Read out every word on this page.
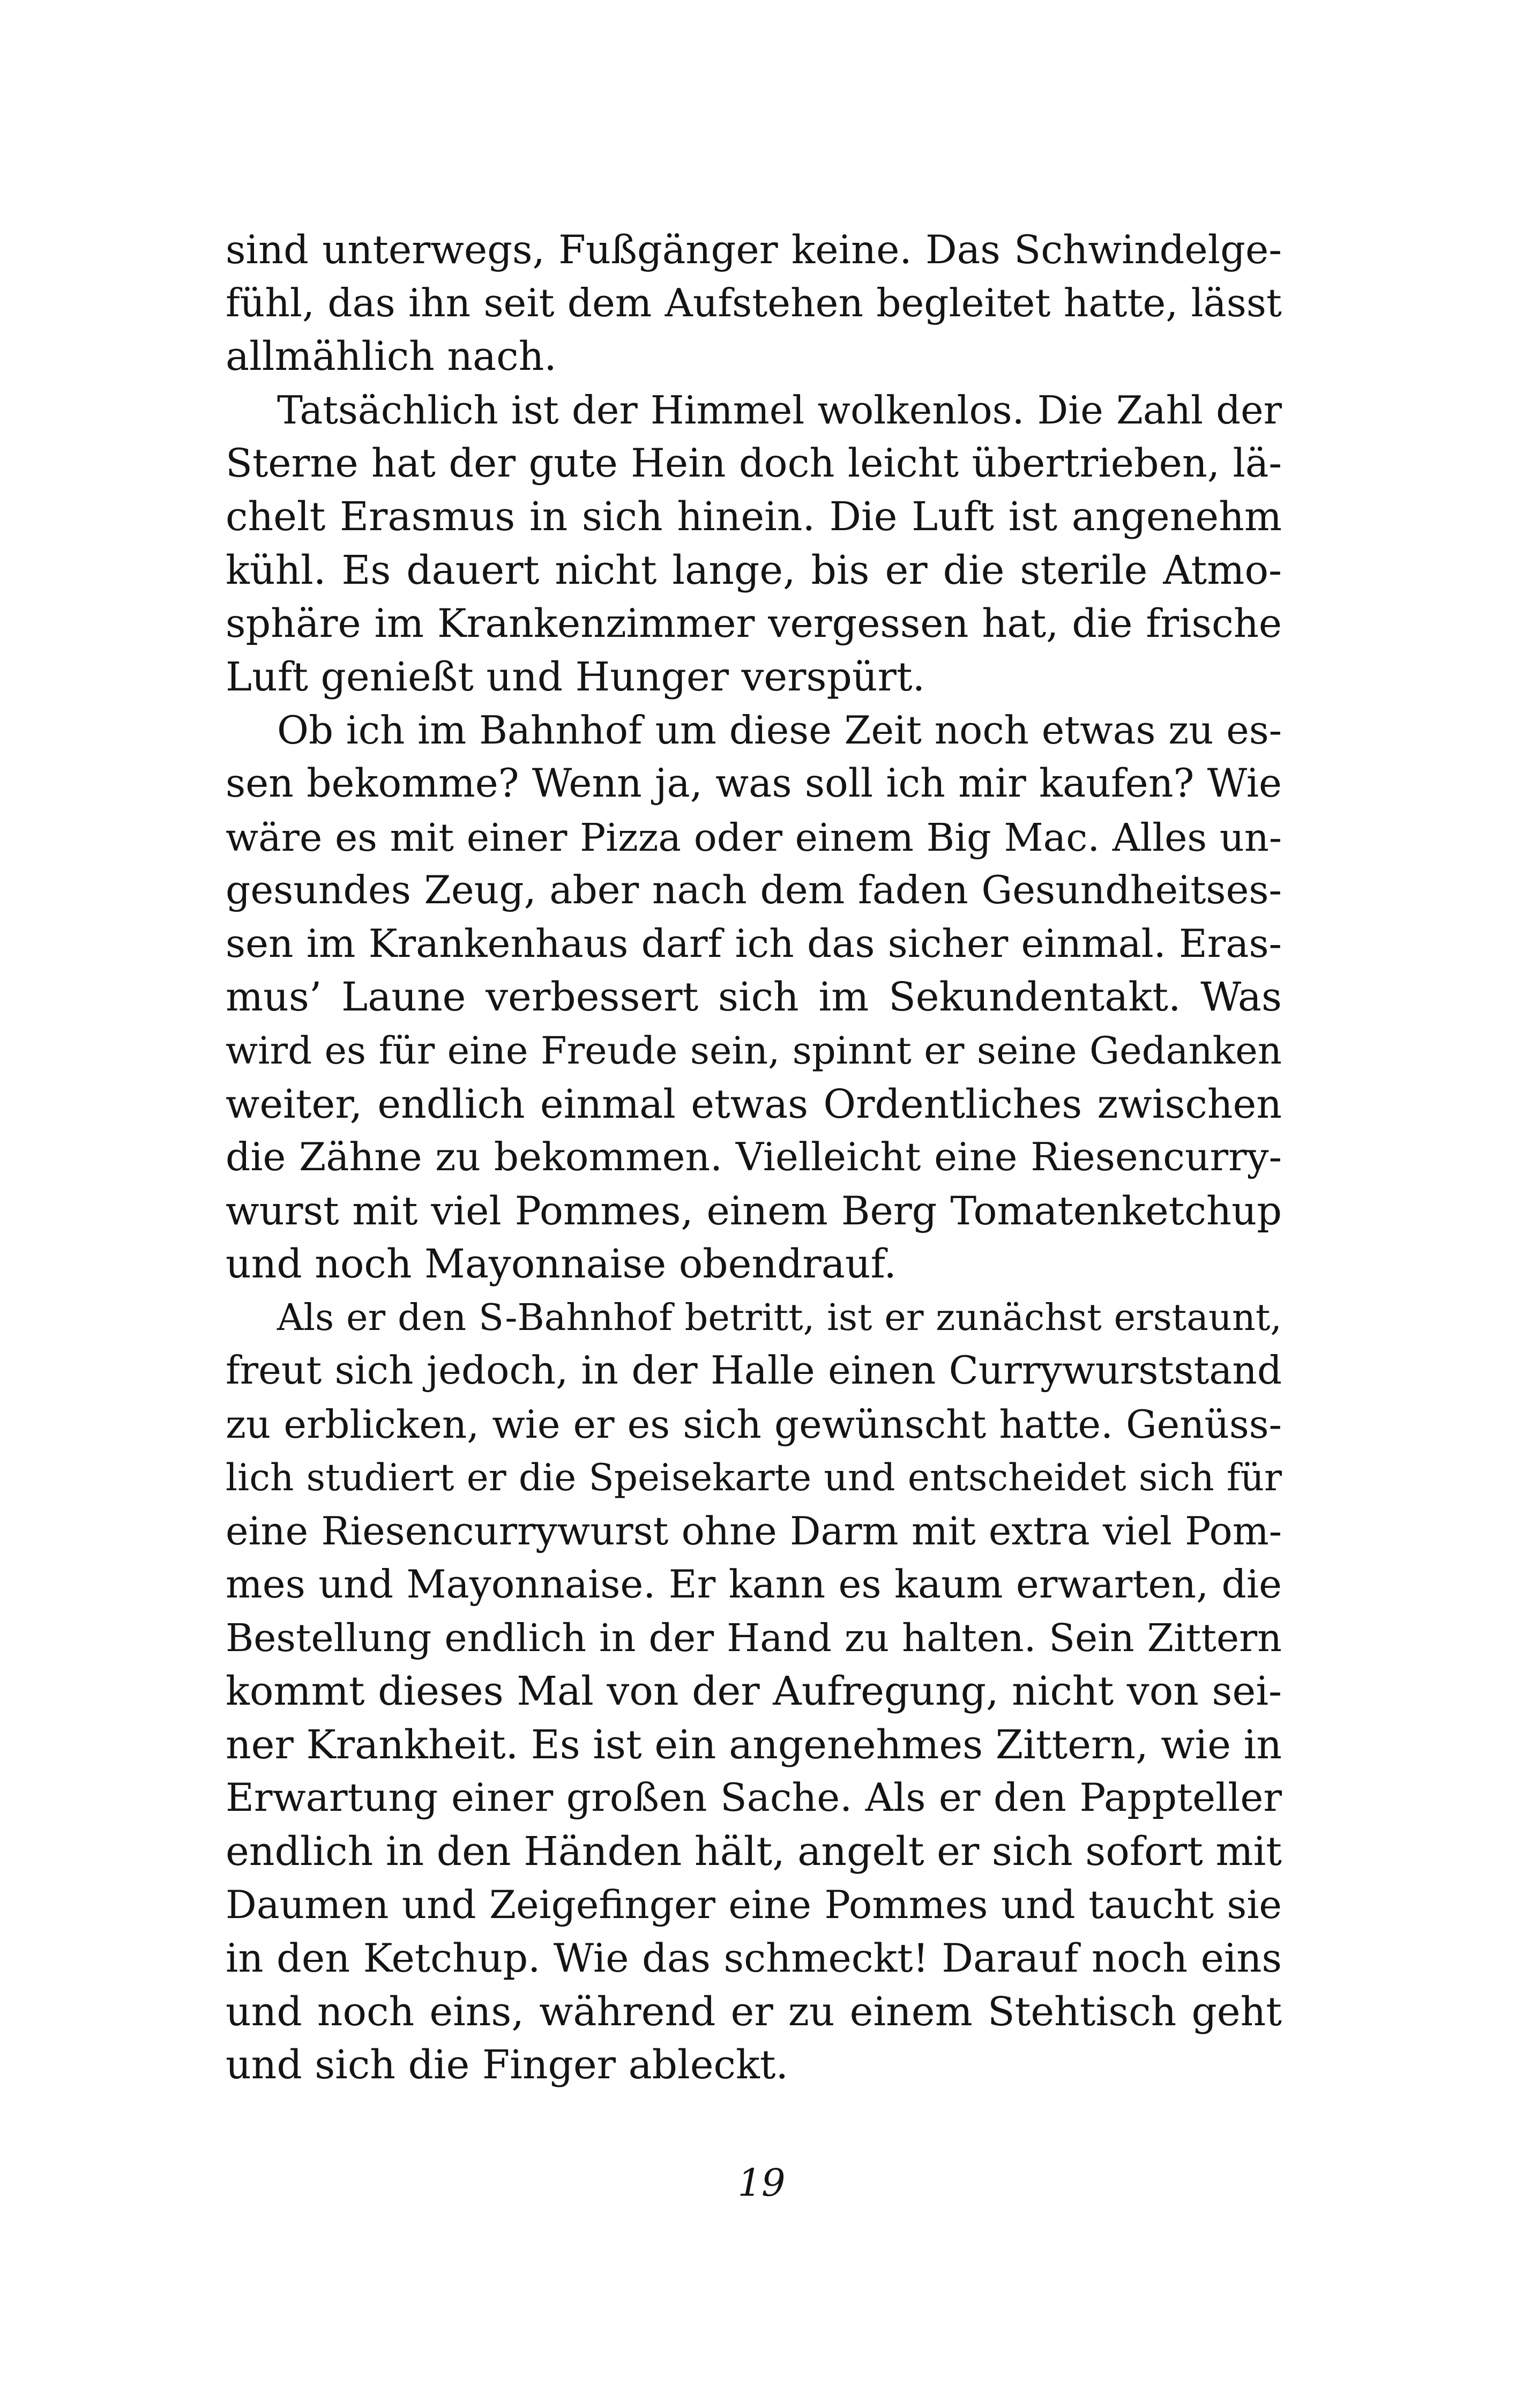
sind unterwegs, Fußgänger keine. Das Schwindelge-
fühl, das ihn seit dem Aufstehen begleitet hatte, lässt
allmählich nach.
Tatsächlich ist der Himmel wolkenlos. Die Zahl der
Sterne hat der gute Hein doch leicht übertrieben, lä-
chelt Erasmus in sich hinein. Die Luft ist angenehm
kühl. Es dauert nicht lange, bis er die sterile Atmo-
sphäre im Krankenzimmer vergessen hat, die frische
Luft genießt und Hunger verspürt.
Ob ich im Bahnhof um diese Zeit noch etwas zu es-
sen bekomme? Wenn ja, was soll ich mir kaufen? Wie
wäre es mit einer Pizza oder einem Big Mac. Alles un-
gesundes Zeug, aber nach dem faden Gesundheitses-
sen im Krankenhaus darf ich das sicher einmal. Eras-
mus’ Laune verbessert sich im Sekundentakt. Was
wird es für eine Freude sein, spinnt er seine Gedanken
weiter, endlich einmal etwas Ordentliches zwischen
die Zähne zu bekommen. Vielleicht eine Riesencurry-
wurst mit viel Pommes, einem Berg Tomatenketchup
und noch Mayonnaise obendrauf.
Als er den S-Bahnhof betritt, ist er zunächst erstaunt,
freut sich jedoch, in der Halle einen Currywurststand
zu erblicken, wie er es sich gewünscht hatte. Genüss-
lich studiert er die Speisekarte und entscheidet sich für
eine Riesencurrywurst ohne Darm mit extra viel Pom-
mes und Mayonnaise. Er kann es kaum erwarten, die
Bestellung endlich in der Hand zu halten. Sein Zittern
kommt dieses Mal von der Aufregung, nicht von sei-
ner Krankheit. Es ist ein angenehmes Zittern, wie in
Erwartung einer großen Sache. Als er den Pappteller
endlich in den Händen hält, angelt er sich sofort mit
Daumen und Zeigefinger eine Pommes und taucht sie
in den Ketchup. Wie das schmeckt! Darauf noch eins
und noch eins, während er zu einem Stehtisch geht
und sich die Finger ableckt.
19
